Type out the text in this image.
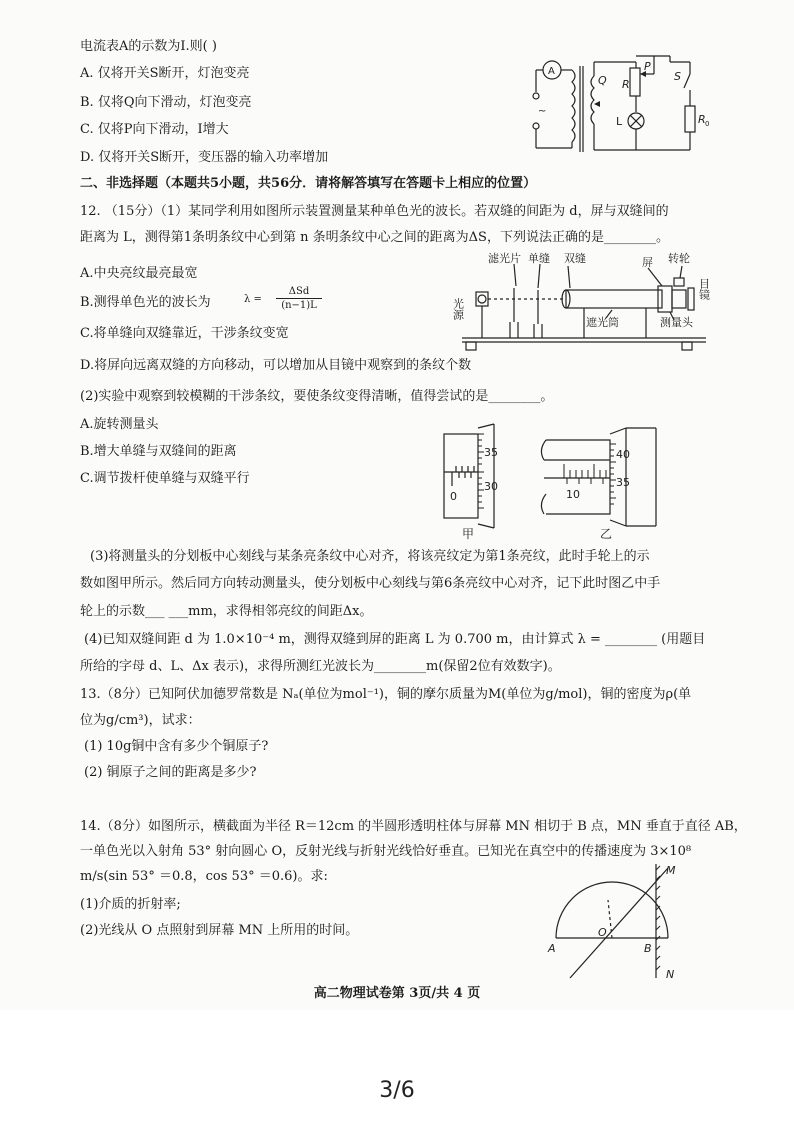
电流表A的示数为I.则( )
A. 仅将开关S断开，灯泡变亮
B. 仅将Q向下滑动，灯泡变亮
C. 仅将P向下滑动，I增大
D. 仅将开关S断开，变压器的输入功率增加
A
~
Q R
P
S
L	R 0
二、非选择题（本题共5小题，共56分．请将解答填写在答题卡上相应的位置）
12. （15分）（1）某同学利用如图所示装置测量某种单色光的波长。若双缝的间距为 d，屏与双缝间的
距离为 L，测得第1条明条纹中心到第 n 条明条纹中心之间的距离为ΔS，下列说法正确的是________。
A.中央亮纹最亮最宽
B.测得单色光的波长为	λ =
ΔSd
(n−1)L
C.将单缝向双缝靠近，干涉条纹变宽
D.将屏向远离双缝的方向移动，可以增加从目镜中观察到的条纹个数
滤光片 单缝 双缝	屏 转轮
遮光筒	测量头
光源
目镜
(2)实验中观察到较模糊的干涉条纹，要使条纹变得清晰，值得尝试的是________。
A.旋转测量头
B.增大单缝与双缝间的距离
C.调节拨杆使单缝与双缝平行
35
30
0
甲
40
35
10
乙
(3)将测量头的分划板中心刻线与某条亮条纹中心对齐，将该亮纹定为第1条亮纹，此时手轮上的示
数如图甲所示。然后同方向转动测量头，使分划板中心刻线与第6条亮纹中心对齐，记下此时图乙中手
轮上的示数___ ___mm，求得相邻亮纹的间距Δx。
(4)已知双缝间距 d 为 1.0×10⁻⁴ m，测得双缝到屏的距离 L 为 0.700 m，由计算式 λ = ________ (用题目
所给的字母 d、L、Δx 表示)，求得所测红光波长为________m(保留2位有效数字)。
13.（8分）已知阿伏加德罗常数是 Nₐ(单位为mol⁻¹)，铜的摩尔质量为M(单位为g/mol)，铜的密度为ρ(单
位为g/cm³)，试求：
(1) 10g铜中含有多少个铜原子?
(2) 铜原子之间的距离是多少?
14.（8分）如图所示，横截面为半径 R＝12cm 的半圆形透明柱体与屏幕 MN 相切于 B 点，MN 垂直于直径 AB，
一单色光以入射角 53° 射向圆心 O，反射光线与折射光线恰好垂直。已知光在真空中的传播速度为 3×10⁸
m/s(sin 53° ＝0.8，cos 53° ＝0.6)。求:
(1)介质的折射率;
(2)光线从 O 点照射到屏幕 MN 上所用的时间。
M
N
A	B
O
高二物理试卷第 3页/共 4 页
3/6
